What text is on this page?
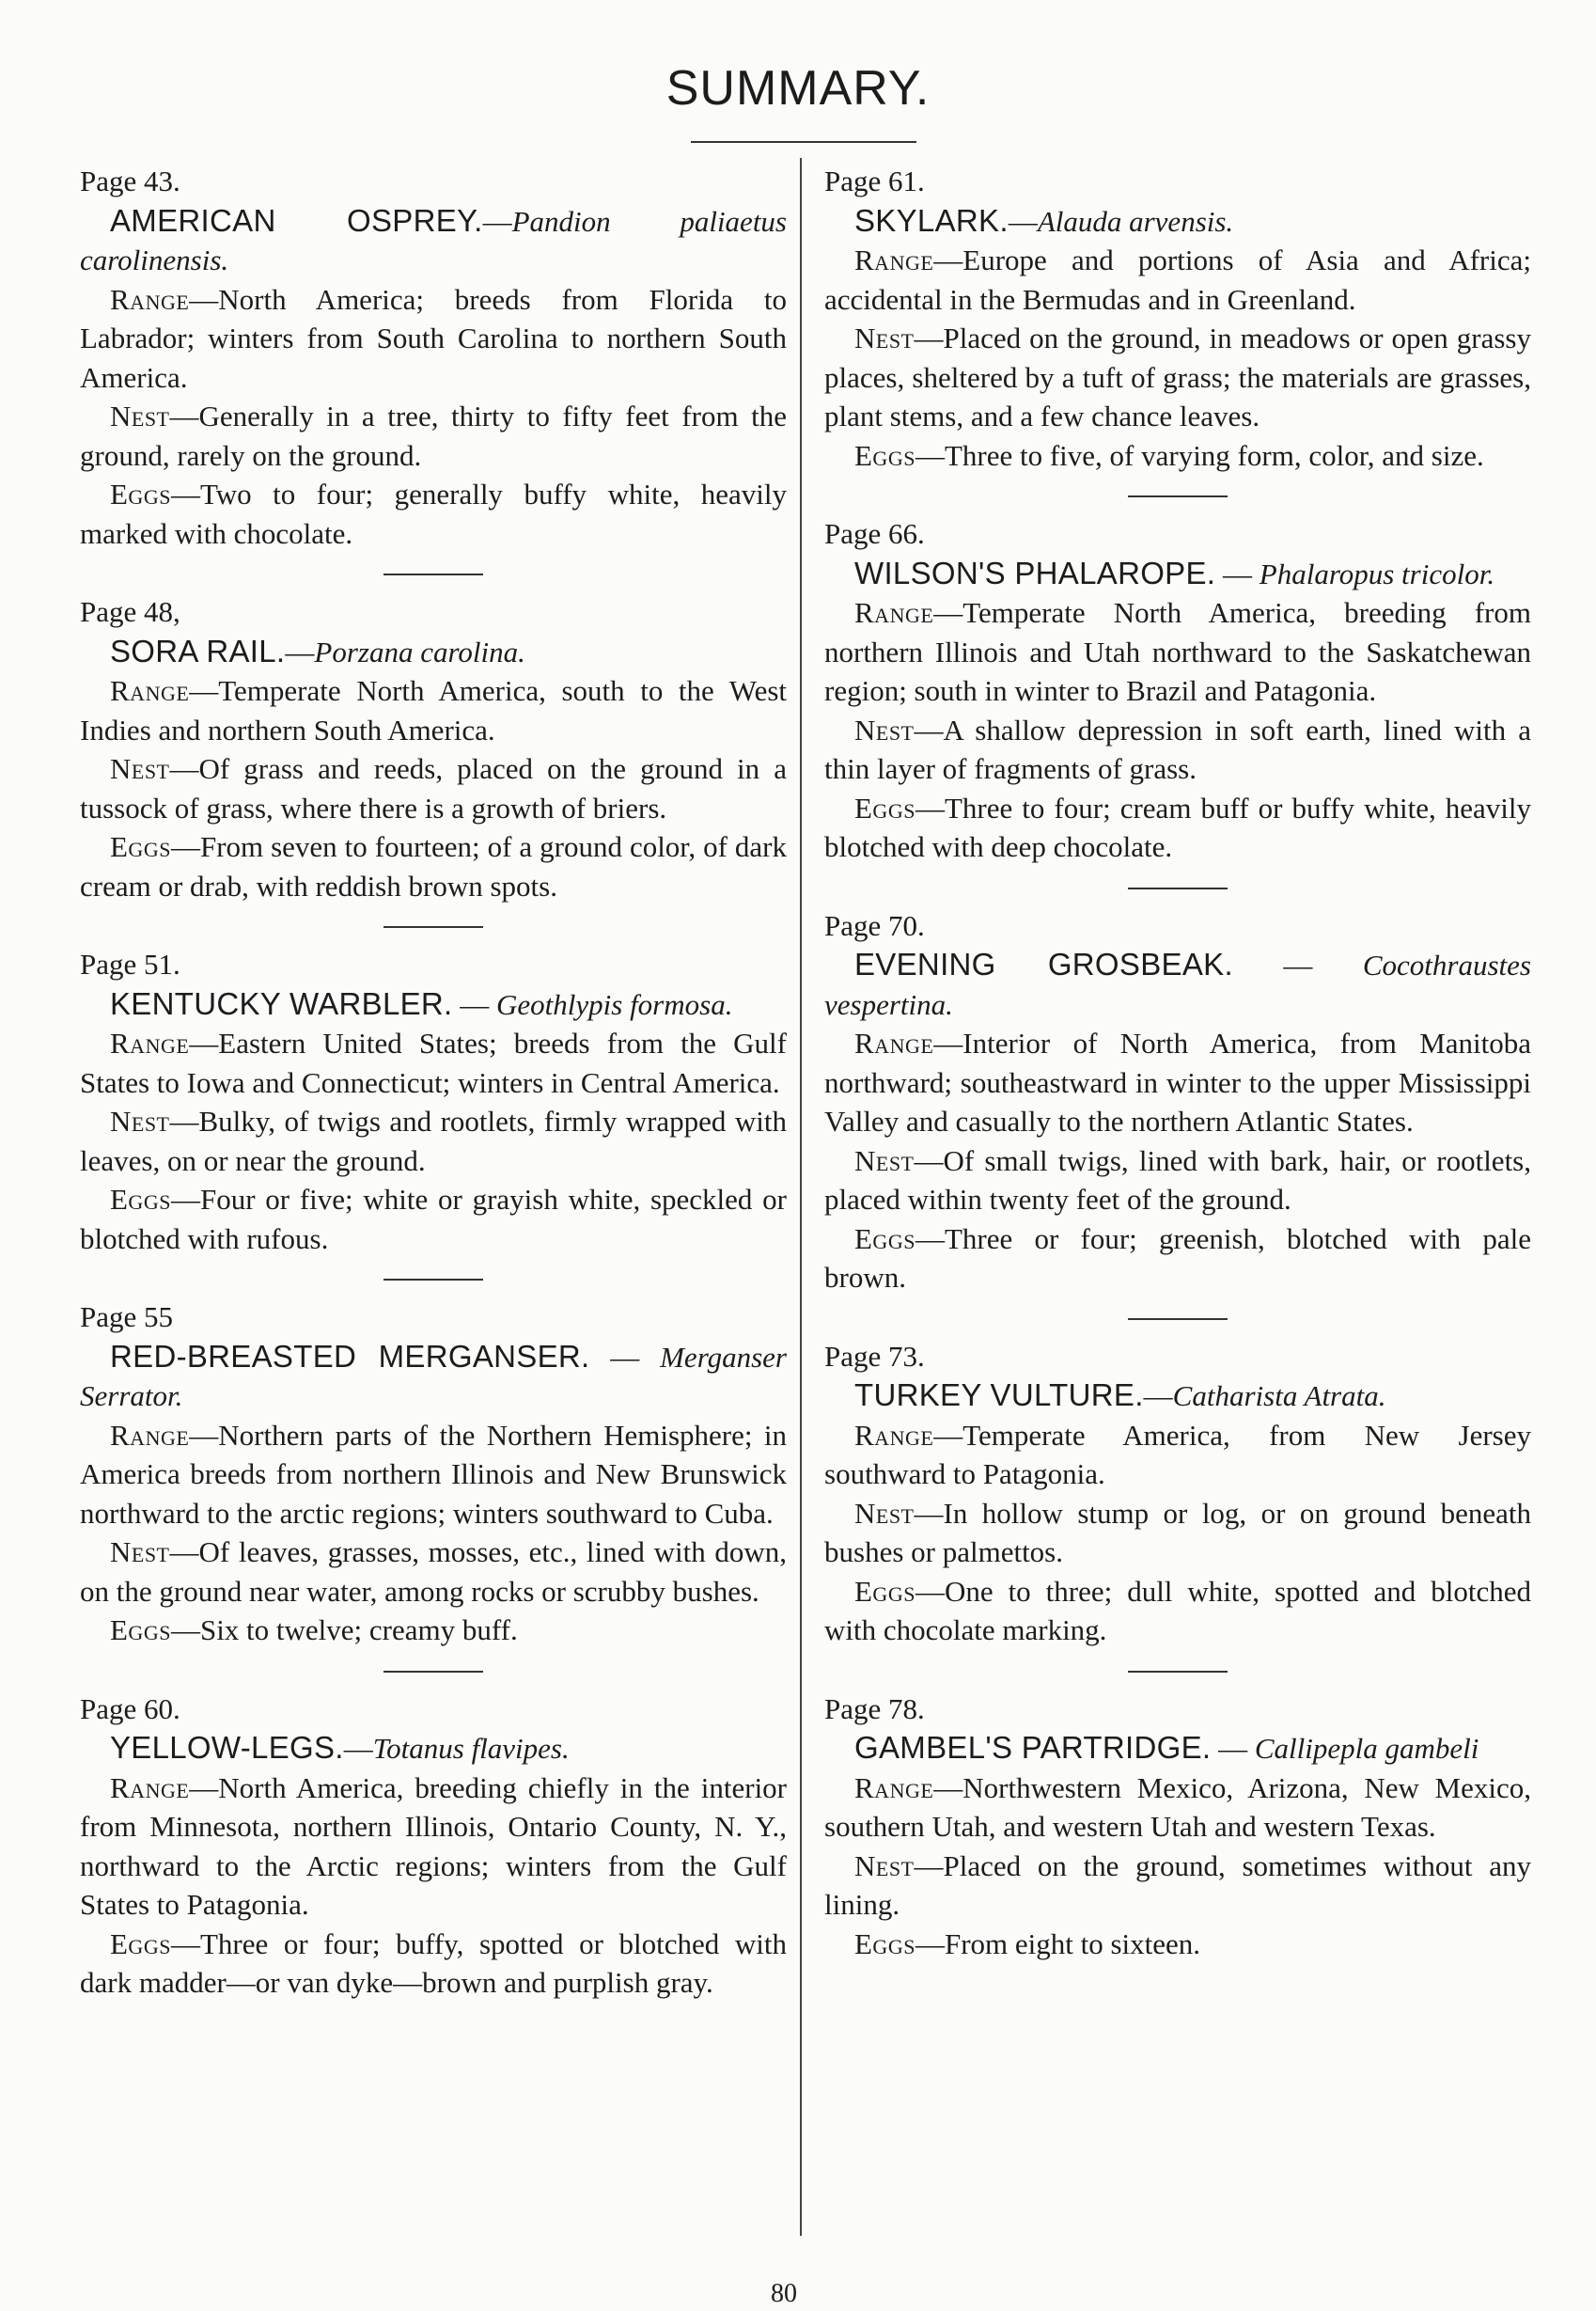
SUMMARY.

Page 43.

AMERICAN OSPREY.—Pandion paliaetus carolinensis.

Range—North America; breeds from Florida to Labrador; winters from South Carolina to northern South America.

Nest—Generally in a tree, thirty to fifty feet from the ground, rarely on the ground.

Eggs—Two to four; generally buffy white, heavily marked with chocolate.

Page 48,

SORA RAIL.—Porzana carolina.

Range—Temperate North America, south to the West Indies and northern South America.

Nest—Of grass and reeds, placed on the ground in a tussock of grass, where there is a growth of briers.

Eggs—From seven to fourteen; of a ground color, of dark cream or drab, with reddish brown spots.

Page 51.

KENTUCKY WARBLER. — Geothlypis formosa.

Range—Eastern United States; breeds from the Gulf States to Iowa and Connecticut; winters in Central America.

Nest—Bulky, of twigs and rootlets, firmly wrapped with leaves, on or near the ground.

Eggs—Four or five; white or grayish white, speckled or blotched with rufous.

Page 55

RED-BREASTED MERGANSER. — Merganser Serrator.

Range—Northern parts of the Northern Hemisphere; in America breeds from northern Illinois and New Brunswick northward to the arctic regions; winters southward to Cuba.

Nest—Of leaves, grasses, mosses, etc., lined with down, on the ground near water, among rocks or scrubby bushes.

Eggs—Six to twelve; creamy buff.

Page 60.

YELLOW-LEGS.—Totanus flavipes.

Range—North America, breeding chiefly in the interior from Minnesota, northern Illinois, Ontario County, N. Y., northward to the Arctic regions; winters from the Gulf States to Patagonia.

Eggs—Three or four; buffy, spotted or blotched with dark madder—or van dyke—brown and purplish gray.

Page 61.

SKYLARK.—Alauda arvensis.

Range—Europe and portions of Asia and Africa; accidental in the Bermudas and in Greenland.

Nest—Placed on the ground, in meadows or open grassy places, sheltered by a tuft of grass; the materials are grasses, plant stems, and a few chance leaves.

Eggs—Three to five, of varying form, color, and size.

Page 66.

WILSON'S PHALAROPE. — Phalaropus tricolor.

Range—Temperate North America, breeding from northern Illinois and Utah northward to the Saskatchewan region; south in winter to Brazil and Patagonia.

Nest—A shallow depression in soft earth, lined with a thin layer of fragments of grass.

Eggs—Three to four; cream buff or buffy white, heavily blotched with deep chocolate.

Page 70.

EVENING GROSBEAK. — Cocothraustes vespertina.

Range—Interior of North America, from Manitoba northward; southeastward in winter to the upper Mississippi Valley and casually to the northern Atlantic States.

Nest—Of small twigs, lined with bark, hair, or rootlets, placed within twenty feet of the ground.

Eggs—Three or four; greenish, blotched with pale brown.

Page 73.

TURKEY VULTURE.—Catharista Atrata.

Range—Temperate America, from New Jersey southward to Patagonia.

Nest—In hollow stump or log, or on ground beneath bushes or palmettos.

Eggs—One to three; dull white, spotted and blotched with chocolate marking.

Page 78.

GAMBEL'S PARTRIDGE. — Callipepla gambeli

Range—Northwestern Mexico, Arizona, New Mexico, southern Utah, and western Utah and western Texas.

Nest—Placed on the ground, sometimes without any lining.

Eggs—From eight to sixteen.

80
